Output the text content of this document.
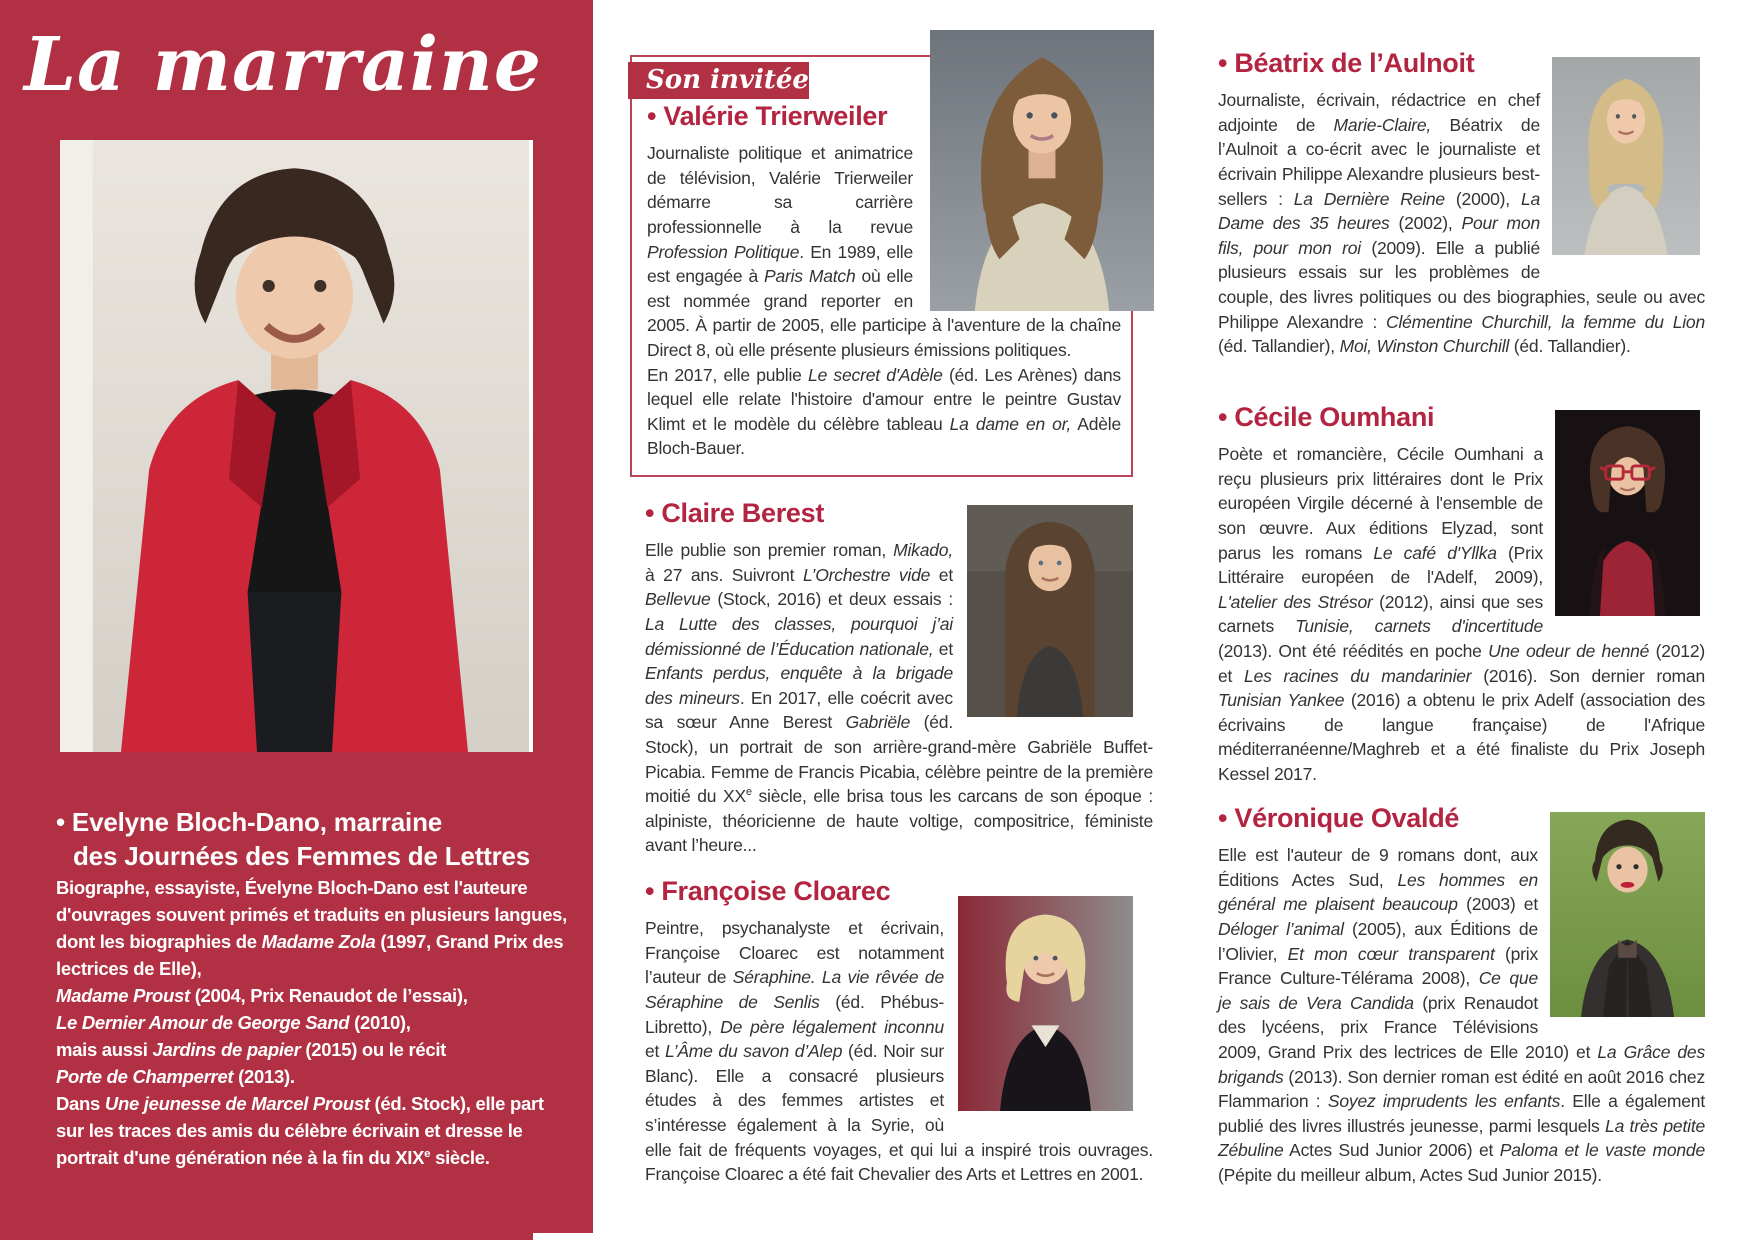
La marraine
• Evelyne Bloch-Dano, marraine
des Journées des Femmes de Lettres

Biographe, essayiste, Évelyne Bloch-Dano est l'auteure d'ouvrages souvent primés et traduits en plusieurs langues, dont les biographies de Madame Zola (1997, Grand Prix des lectrices de Elle),
Madame Proust (2004, Prix Renaudot de l’essai),
Le Dernier Amour de George Sand (2010),
mais aussi Jardins de papier (2015) ou le récit
Porte de Champerret (2013).
Dans Une jeunesse de Marcel Proust (éd. Stock), elle part sur les traces des amis du célèbre écrivain et dresse le portrait d'une génération née à la fin du XIXe siècle.

Son invitée
• Valérie Trierweiler

Journaliste politique et animatrice de télévision, Valérie Trierweiler démarre sa carrière professionnelle à la revue Profession Politique. En 1989, elle est engagée à Paris Match où elle est nommée grand reporter en 2005. À partir de 2005, elle participe à l'aventure de la chaîne Direct 8, où elle présente plusieurs émissions politiques.
En 2017, elle publie Le secret d'Adèle (éd. Les Arènes) dans lequel elle relate l'histoire d'amour entre le peintre Gustav Klimt et le modèle du célèbre tableau La dame en or, Adèle Bloch-Bauer.

• Claire Berest

Elle publie son premier roman, Mikado, à 27 ans. Suivront L’Orchestre vide et Bellevue (Stock, 2016) et deux essais : La Lutte des classes, pourquoi j’ai démissionné de l’Éducation nationale, et Enfants perdus, enquête à la brigade des mineurs. En 2017, elle coécrit avec sa sœur Anne Berest Gabriële (éd. Stock), un portrait de son arrière-grand-mère Gabriële Buffet-Picabia. Femme de Francis Picabia, célèbre peintre de la première moitié du XXe siècle, elle brisa tous les carcans de son époque : alpiniste, théoricienne de haute voltige, compositrice, féministe avant l’heure...

• Françoise Cloarec

Peintre, psychanalyste et écrivain, Françoise Cloarec est notamment l’auteur de Séraphine. La vie rêvée de Séraphine de Senlis (éd. Phébus-Libretto), De père légalement inconnu et L’Âme du savon d’Alep (éd. Noir sur Blanc). Elle a consacré plusieurs études à des femmes artistes et s’intéresse également à la Syrie, où elle fait de fréquents voyages, et qui lui a inspiré trois ouvrages. Françoise Cloarec a été fait Chevalier des Arts et Lettres en 2001.

• Béatrix de l’Aulnoit

Journaliste, écrivain, rédactrice en chef adjointe de Marie-Claire, Béatrix de l’Aulnoit a co-écrit avec le journaliste et écrivain Philippe Alexandre plusieurs best-sellers : La Dernière Reine (2000), La Dame des 35 heures (2002), Pour mon fils, pour mon roi (2009). Elle a publié plusieurs essais sur les problèmes de couple, des livres politiques ou des biographies, seule ou avec Philippe Alexandre : Clémentine Churchill, la femme du Lion (éd. Tallandier), Moi, Winston Churchill (éd. Tallandier).

• Cécile Oumhani

Poète et romancière, Cécile Oumhani a reçu plusieurs prix littéraires dont le Prix européen Virgile décerné à l'ensemble de son œuvre. Aux éditions Elyzad, sont parus les romans Le café d'Yllka (Prix Littéraire européen de l'Adelf, 2009), L'atelier des Strésor (2012), ainsi que ses carnets Tunisie, carnets d'incertitude (2013). Ont été réédités en poche Une odeur de henné (2012) et Les racines du mandarinier (2016). Son dernier roman Tunisian Yankee (2016) a obtenu le prix Adelf (association des écrivains de langue française) de l'Afrique méditerranéenne/Maghreb et a été finaliste du Prix Joseph Kessel 2017.

• Véronique Ovaldé

Elle est l'auteur de 9 romans dont, aux Éditions Actes Sud, Les hommes en général me plaisent beaucoup (2003) et Déloger l’animal (2005), aux Éditions de l’Olivier, Et mon cœur transparent (prix France Culture-Télérama 2008), Ce que je sais de Vera Candida (prix Renaudot des lycéens, prix France Télévisions 2009, Grand Prix des lectrices de Elle 2010) et La Grâce des brigands (2013). Son dernier roman est édité en août 2016 chez Flammarion : Soyez imprudents les enfants. Elle a également publié des livres illustrés jeunesse, parmi lesquels La très petite Zébuline Actes Sud Junior 2006) et Paloma et le vaste monde (Pépite du meilleur album, Actes Sud Junior 2015).
